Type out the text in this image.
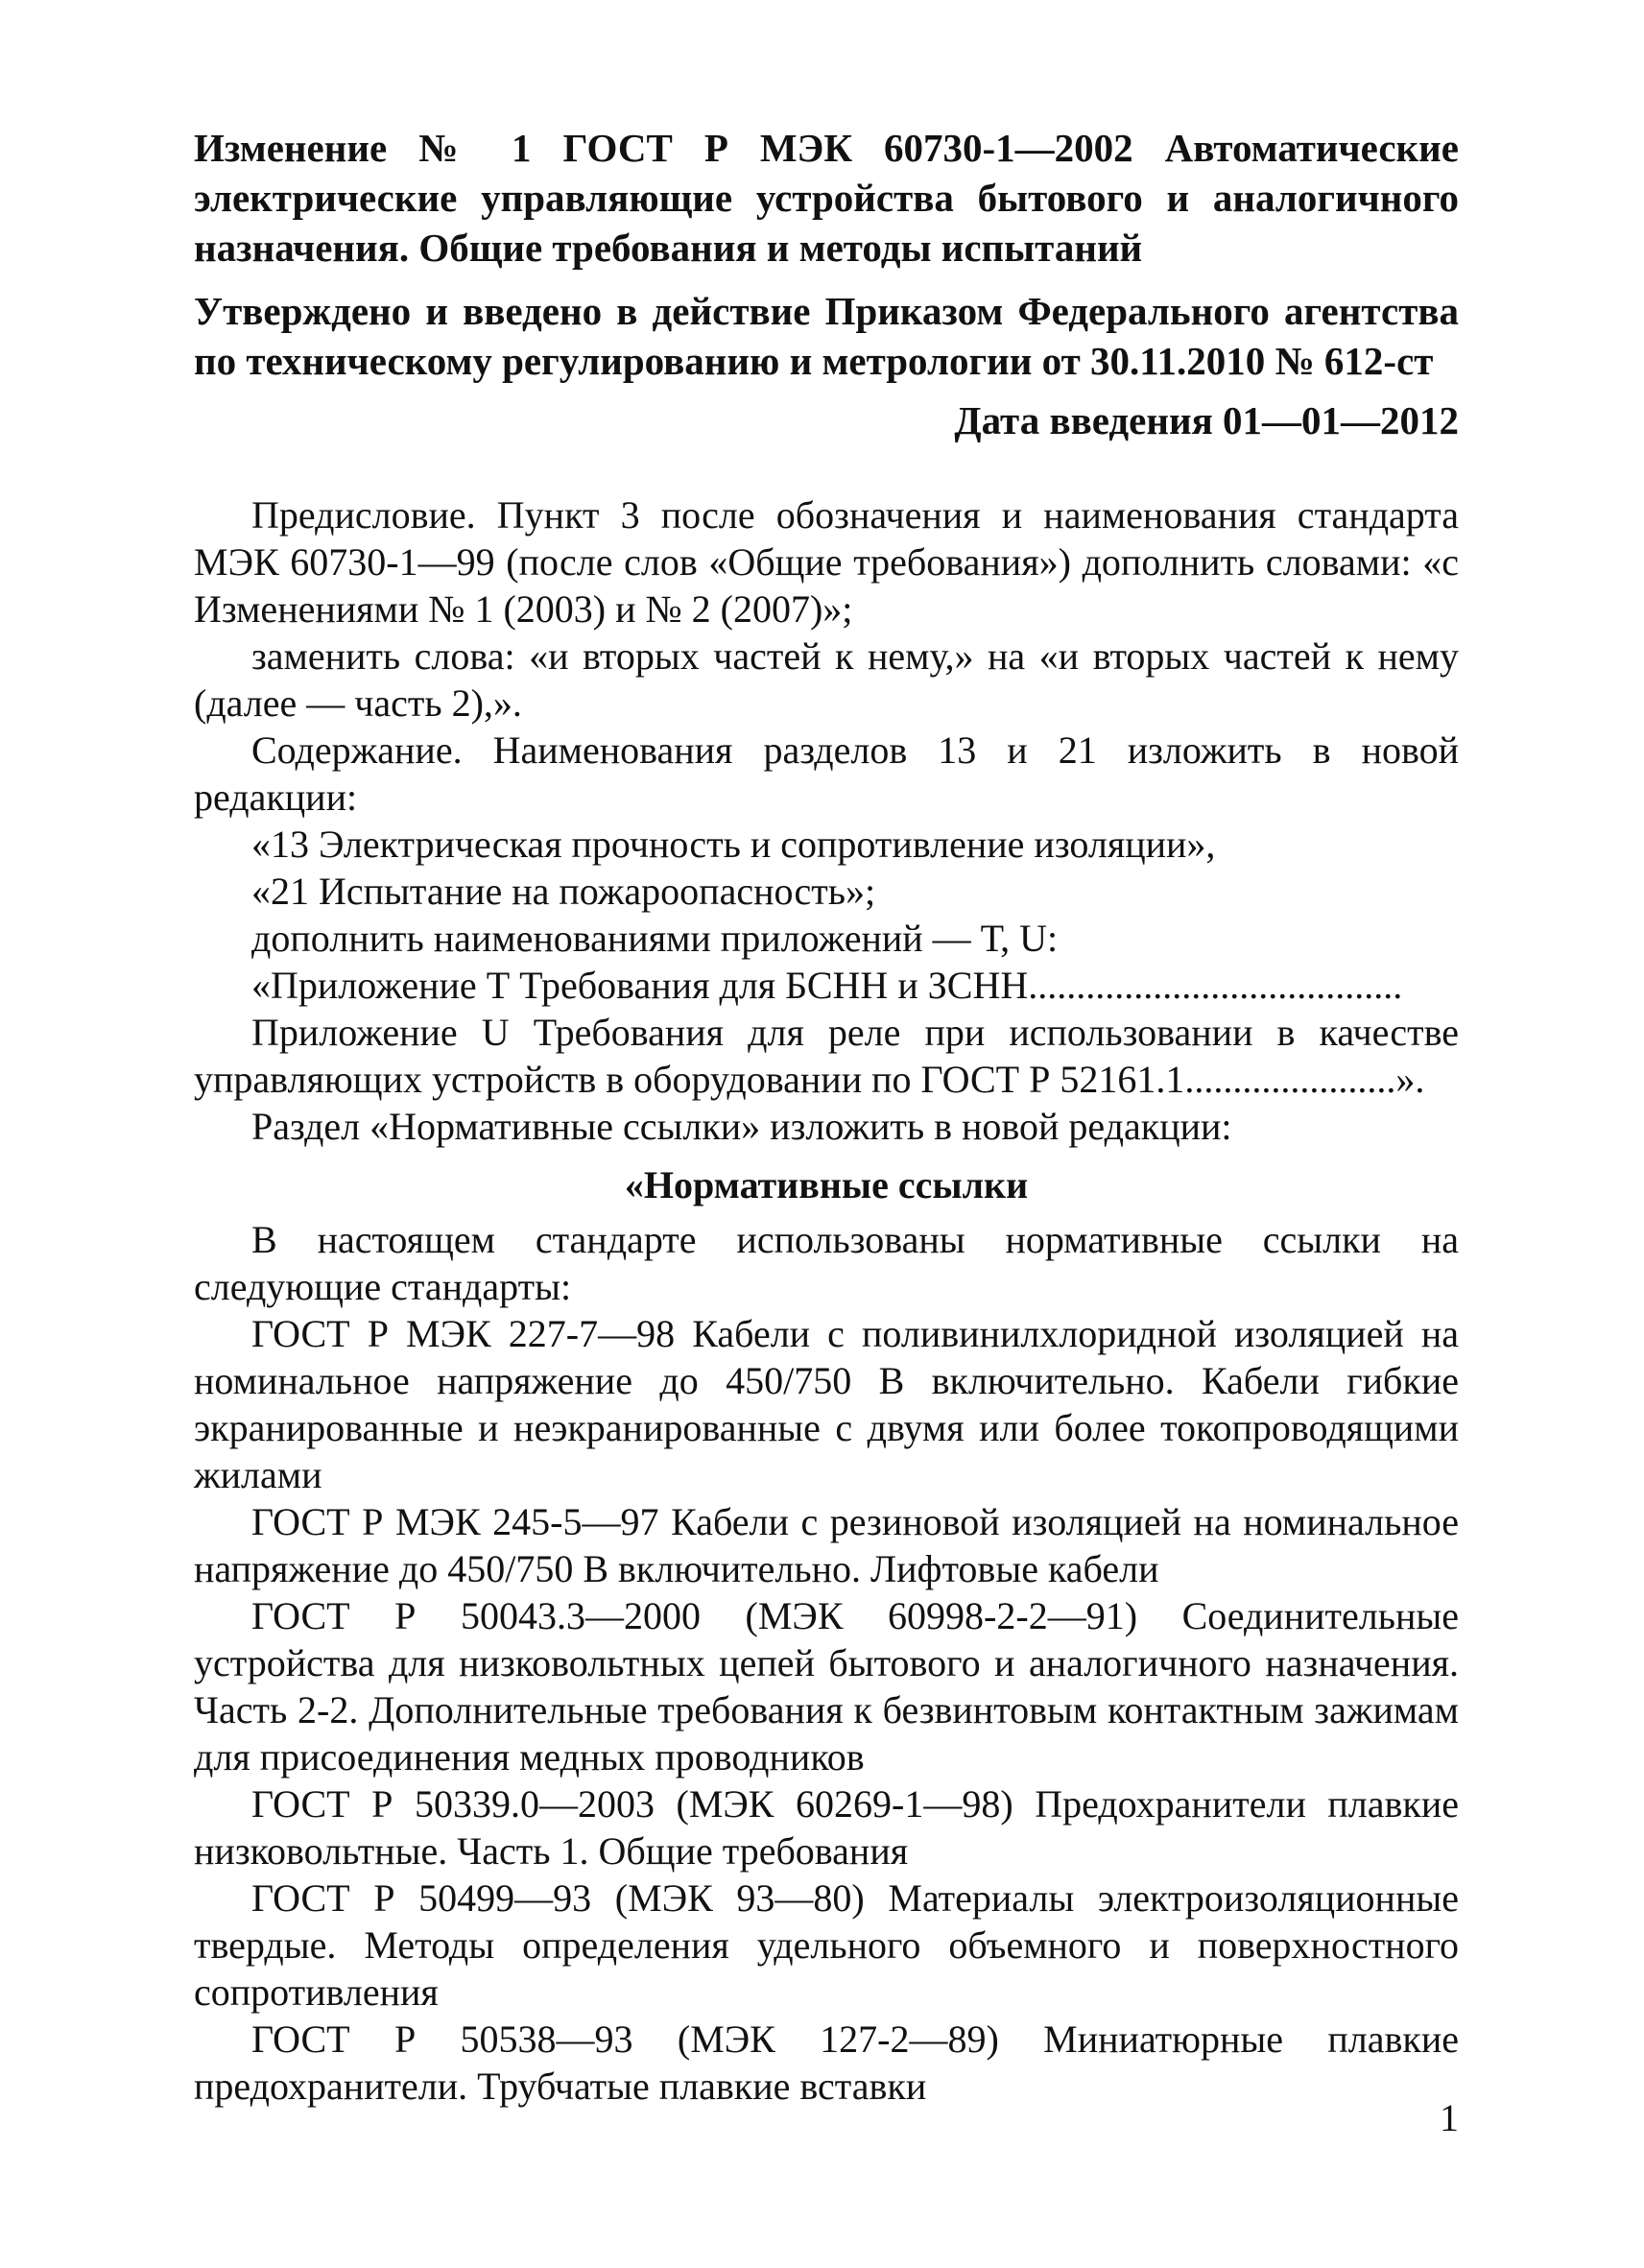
Изменение № 1 ГОСТ Р МЭК 60730-1—2002 Автоматические электрические управляющие устройства бытового и аналогичного назначения. Общие требования и методы испытаний

Утверждено и введено в действие Приказом Федерального агентства по техническому регулированию и метрологии от 30.11.2010 № 612-ст

Дата введения 01—01—2012

Предисловие. Пункт 3 после обозначения и наименования стандарта МЭК 60730-1—99 (после слов «Общие требования») дополнить словами: «с Изменениями № 1 (2003) и № 2 (2007)»;

заменить слова: «и вторых частей к нему,» на «и вторых частей к нему (далее — часть 2),».

Содержание. Наименования разделов 13 и 21 изложить в новой редакции:

«13 Электрическая прочность и сопротивление изоляции»,

«21 Испытание на пожароопасность»;

дополнить наименованиями приложений — Т, U:

«Приложение Т Требования для БСНН и ЗСНН.......................................

Приложение U Требования для реле при использовании в качестве управляющих устройств в оборудовании по ГОСТ Р 52161.1......................».

Раздел «Нормативные ссылки» изложить в новой редакции:

«Нормативные ссылки

В настоящем стандарте использованы нормативные ссылки на следующие стандарты:

ГОСТ Р МЭК 227-7—98 Кабели с поливинилхлоридной изоляцией на номинальное напряжение до 450/750 В включительно. Кабели гибкие экранированные и неэкранированные с двумя или более токопроводящими жилами

ГОСТ Р МЭК 245-5—97 Кабели с резиновой изоляцией на номинальное напряжение до 450/750 В включительно. Лифтовые кабели

ГОСТ Р 50043.3—2000 (МЭК 60998-2-2—91) Соединительные устройства для низковольтных цепей бытового и аналогичного назначения. Часть 2-2. Дополнительные требования к безвинтовым контактным зажимам для присоединения медных проводников

ГОСТ Р 50339.0—2003 (МЭК 60269-1—98) Предохранители плавкие низковольтные. Часть 1. Общие требования

ГОСТ Р 50499—93 (МЭК 93—80) Материалы электроизоляционные твердые. Методы определения удельного объемного и поверхностного сопротивления

ГОСТ Р 50538—93 (МЭК 127-2—89) Миниатюрные плавкие предохранители. Трубчатые плавкие вставки

1
